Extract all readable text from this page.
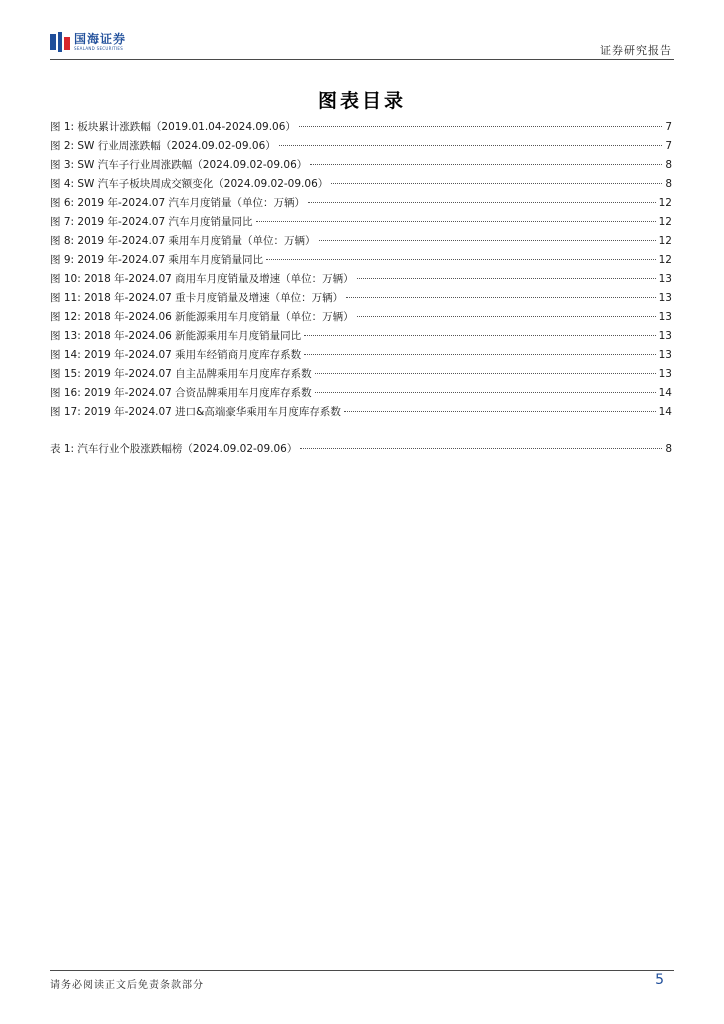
国海证券
SEALAND SECURITIES	证券研究报告
图表目录
图 1: 板块累计涨跌幅（2019.01.04-2024.09.06）	7
图 2: SW 行业周涨跌幅（2024.09.02-09.06）	7
图 3: SW 汽车子行业周涨跌幅（2024.09.02-09.06）	8
图 4: SW 汽车子板块周成交额变化（2024.09.02-09.06）	8
图 6: 2019 年-2024.07 汽车月度销量（单位：万辆）	12
图 7: 2019 年-2024.07 汽车月度销量同比	12
图 8: 2019 年-2024.07 乘用车月度销量（单位：万辆）	12
图 9: 2019 年-2024.07 乘用车月度销量同比	12
图 10: 2018 年-2024.07 商用车月度销量及增速（单位：万辆）	13
图 11: 2018 年-2024.07 重卡月度销量及增速（单位：万辆）	13
图 12: 2018 年-2024.06 新能源乘用车月度销量（单位：万辆）	13
图 13: 2018 年-2024.06 新能源乘用车月度销量同比	13
图 14: 2019 年-2024.07 乘用车经销商月度库存系数	13
图 15: 2019 年-2024.07 自主品牌乘用车月度库存系数	13
图 16: 2019 年-2024.07 合资品牌乘用车月度库存系数	14
图 17: 2019 年-2024.07 进口&高端豪华乘用车月度库存系数	14
表 1: 汽车行业个股涨跌幅榜（2024.09.02-09.06）	8
请务必阅读正文后免责条款部分	5
